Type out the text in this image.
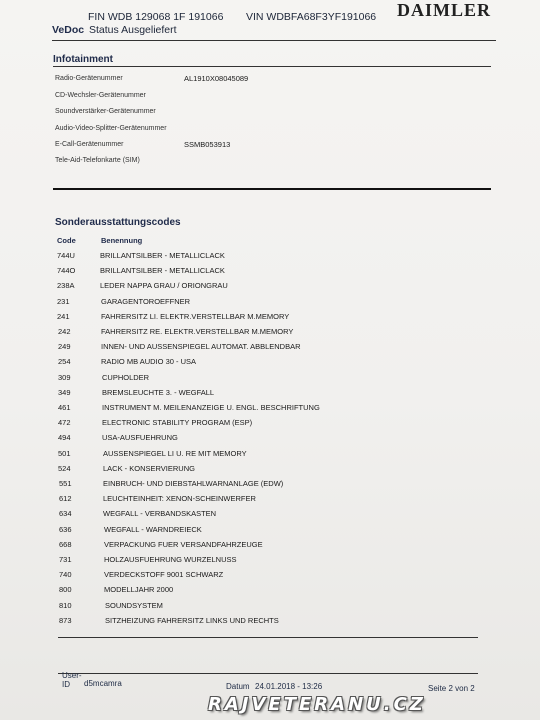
DAIMLER
FIN WDB 129068 1F 191066 VIN WDBFA68F3YF191066
VeDoc Status Ausgeliefert
Infotainment
Radio-Gerätenummer	AL1910X08045089
CD-Wechsler-Gerätenummer
Soundverstärker-Gerätenummer
Audio-Video-Splitter-Gerätenummer
E-Call-Gerätenummer	SSMB053913
Tele-Aid-Telefonkarte (SIM)
Sonderausstattungscodes
Code	Benennung
744U	BRILLANTSILBER - METALLICLACK
744O	BRILLANTSILBER - METALLICLACK
238A	LEDER NAPPA GRAU / ORIONGRAU
231	GARAGENTOROEFFNER
241	FAHRERSITZ LI. ELEKTR.VERSTELLBAR M.MEMORY
242	FAHRERSITZ RE. ELEKTR.VERSTELLBAR M.MEMORY
249	INNEN- UND AUSSENSPIEGEL AUTOMAT. ABBLENDBAR
254	RADIO MB AUDIO 30 - USA
309	CUPHOLDER
349	BREMSLEUCHTE 3. - WEGFALL
461	INSTRUMENT M. MEILENANZEIGE U. ENGL. BESCHRIFTUNG
472	ELECTRONIC STABILITY PROGRAM (ESP)
494	USA-AUSFUEHRUNG
501	AUSSENSPIEGEL LI U. RE MIT MEMORY
524	LACK - KONSERVIERUNG
551	EINBRUCH- UND DIEBSTAHLWARNANLAGE (EDW)
612	LEUCHTEINHEIT: XENON-SCHEINWERFER
634	WEGFALL - VERBANDSKASTEN
636	WEGFALL - WARNDREIECK
668	VERPACKUNG FUER VERSANDFAHRZEUGE
731	HOLZAUSFUEHRUNG WURZELNUSS
740	VERDECKSTOFF 9001 SCHWARZ
800	MODELLJAHR 2000
810	SOUNDSYSTEM
873	SITZHEIZUNG FAHRERSITZ LINKS UND RECHTS
User-
ID	d5mcamra	Datum 24.01.2018 - 13:26	Seite 2 von 2
RAJVETERANU.CZ
